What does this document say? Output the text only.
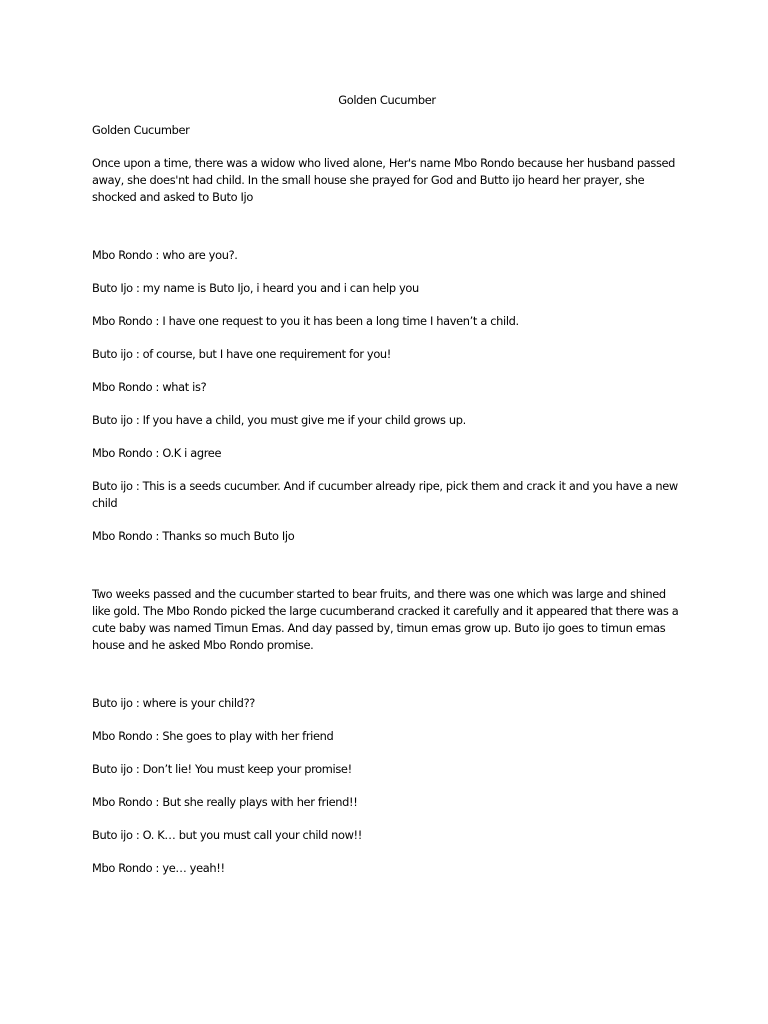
Golden Cucumber

Golden Cucumber

Once upon a time, there was a widow who lived alone, Her's name Mbo Rondo because her husband passed away, she does'nt had child. In the small house she prayed for God and Butto ijo heard her prayer, she shocked and asked to Buto Ijo

Mbo Rondo : who are you?.

Buto Ijo : my name is Buto Ijo, i heard you and i can help you

Mbo Rondo : I have one request to you it has been a long time I haven’t a child.

Buto ijo : of course, but I have one requirement for you!

Mbo Rondo : what is?

Buto ijo : If you have a child, you must give me if your child grows up.

Mbo Rondo : O.K i agree

Buto ijo : This is a seeds cucumber. And if cucumber already ripe, pick them and crack it and you have a new child

Mbo Rondo : Thanks so much Buto Ijo

Two weeks passed and the cucumber started to bear fruits, and there was one which was large and shined like gold. The Mbo Rondo picked the large cucumberand cracked it carefully and it appeared that there was a cute baby was named Timun Emas. And day passed by, timun emas grow up. Buto ijo goes to timun emas house and he asked Mbo Rondo promise.

Buto ijo : where is your child??

Mbo Rondo : She goes to play with her friend

Buto ijo : Don’t lie! You must keep your promise!

Mbo Rondo : But she really plays with her friend!!

Buto ijo : O. K… but you must call your child now!!

Mbo Rondo : ye… yeah!!
